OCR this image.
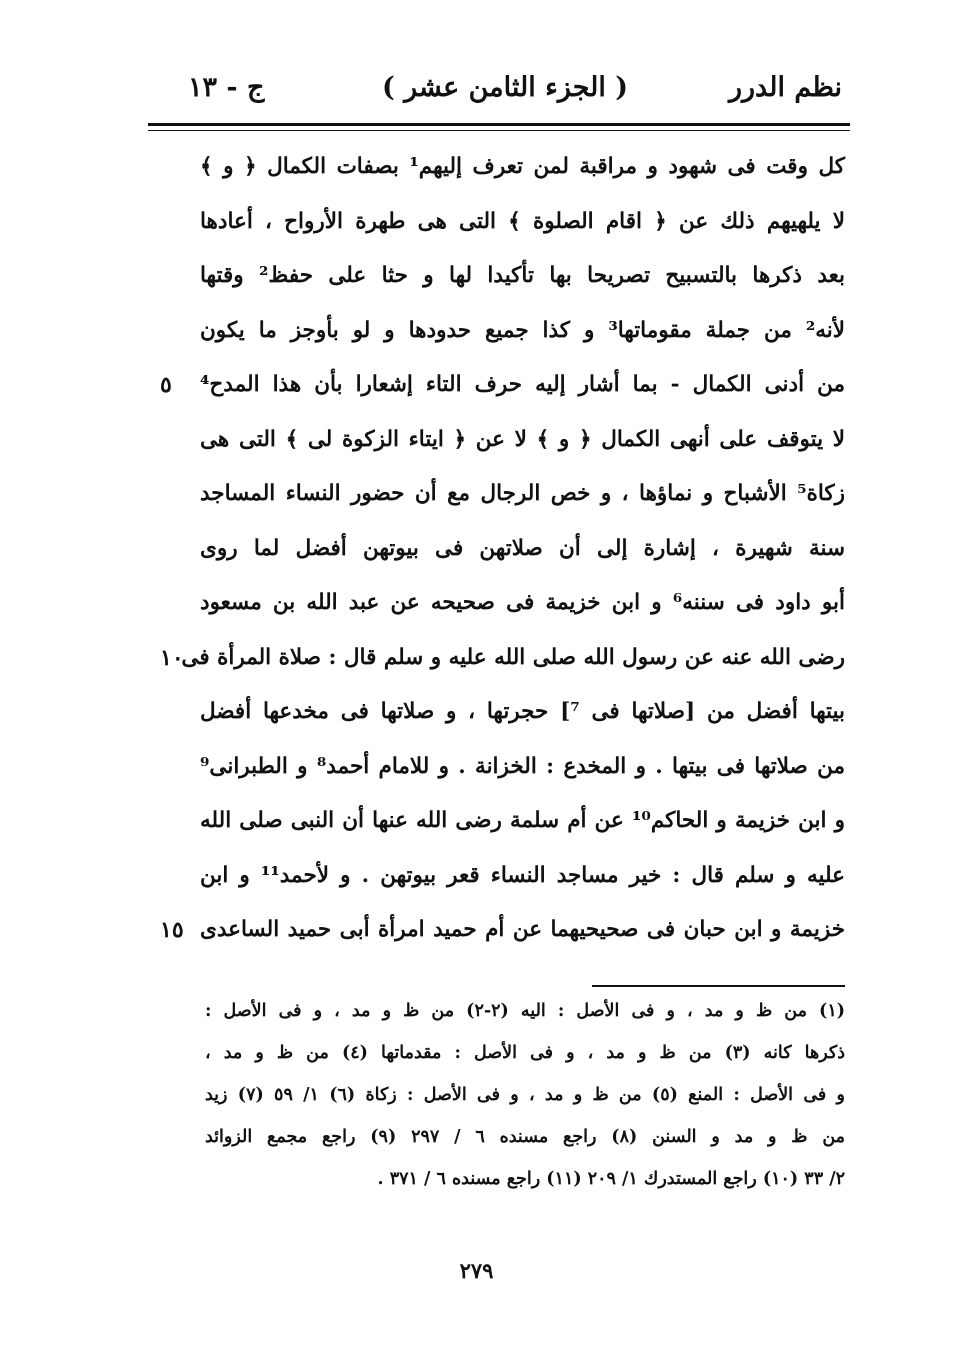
نظم الدرر
( الجزء الثامن عشر )
ج - ١٣
كل وقت فى شهود و مراقبة لمن تعرف إليهم¹ بصفات الكمال ﴿ و ﴾
لا يلهيهم ذلك عن ﴿ اقام الصلوة ﴾ التى هى طهرة الأرواح ، أعادها
بعد ذكرها بالتسبيح تصريحا بها تأكيدا لها و حثا على حفظ² وقتها
لأنه² من جملة مقوماتها³ و كذا جميع حدودها و لو بأوجز ما يكون
من أدنى الكمال - بما أشار إليه حرف التاء إشعارا بأن هذا المدح⁴
٥
لا يتوقف على أنهى الكمال ﴿ و ﴾ لا عن ﴿ ايتاء الزكوة لى ﴾ التى هى
زكاة⁵ الأشباح و نماؤها ، و خص الرجال مع أن حضور النساء المساجد
سنة شهيرة ، إشارة إلى أن صلاتهن فى بيوتهن أفضل لما روى
أبو داود فى سننه⁶ و ابن خزيمة فى صحيحه عن عبد الله بن مسعود
رضى الله عنه عن رسول الله صلى الله عليه و سلم قال : صلاة المرأة فى
١٠
بيتها أفضل من [صلاتها فى ⁷] حجرتها ، و صلاتها فى مخدعها أفضل
من صلاتها فى بيتها . و المخدع : الخزانة . و للامام أحمد⁸ و الطبرانى⁹
و ابن خزيمة و الحاكم¹⁰ عن أم سلمة رضى الله عنها أن النبى صلى الله
عليه و سلم قال : خير مساجد النساء قعر بيوتهن . و لأحمد¹¹ و ابن
خزيمة و ابن حبان فى صحيحيهما عن أم حميد امرأة أبى حميد الساعدى
١٥
(١) من ظ و مد ، و فى الأصل : اليه (٢-٢) من ظ و مد ، و فى الأصل :
ذكرها كانه (٣) من ظ و مد ، و فى الأصل : مقدماتها (٤) من ظ و مد ،
و فى الأصل : المنع (٥) من ظ و مد ، و فى الأصل : زكاة (٦) ١/ ٥٩ (٧) زيد
من ظ و مد و السنن (٨) راجع مسنده ٦ / ٢٩٧ (٩) راجع مجمع الزوائد
٢/ ٣٣ (١٠) راجع المستدرك ١/ ٢٠٩ (١١) راجع مسنده ٦ / ٣٧١ .
٢٧٩
